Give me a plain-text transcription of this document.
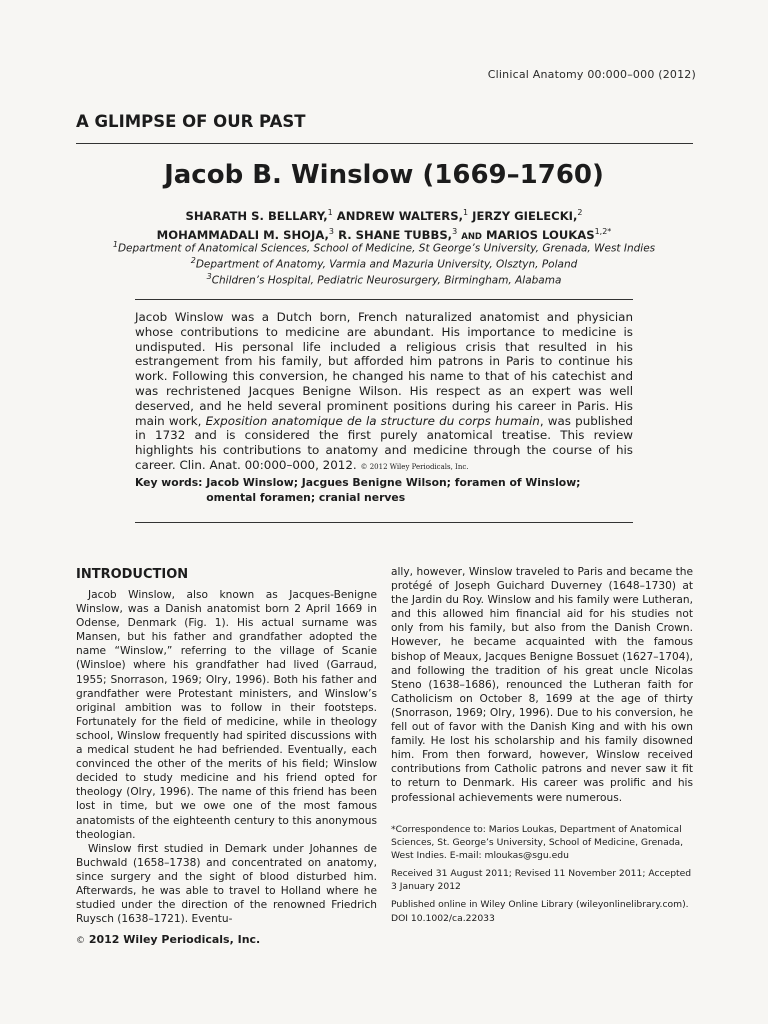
Clinical Anatomy 00:000–000 (2012)
A GLIMPSE OF OUR PAST
Jacob B. Winslow (1669–1760)
SHARATH S. BELLARY,$^1$ ANDREW WALTERS,$^1$ JERZY GIELECKI,$^2$
MOHAMMADALI M. SHOJA,$^3$ R. SHANE TUBBS,$^3$ AND MARIOS $LOUKAS^{1,2*}$
$^1$Department of Anatomical Sciences, School of Medicine, St George’s University, Grenada, West Indies
$^2$Department of Anatomy, Varmia and Mazuria University, Olsztyn, Poland
$^3$Children’s Hospital, Pediatric Neurosurgery, Birmingham, Alabama
Jacob Winslow was a Dutch born, French naturalized anatomist and physician whose contributions to medicine are abundant. His importance to medicine is undisputed. His personal life included a religious crisis that resulted in his estrangement from his family, but afforded him patrons in Paris to continue his work. Following this conversion, he changed his name to that of his catechist and was rechristened Jacques Benigne Wilson. His respect as an expert was well deserved, and he held several prominent positions during his career in Paris. His main work, Exposition anatomique de la structure du corps humain, was published in 1732 and is considered the first purely anatomical treatise. This review highlights his contributions to anatomy and medicine through the course of his career. Clin. Anat. 00:000–000, 2012. © 2012 Wiley Periodicals, Inc.
Key words: Jacob Winslow; Jacgues Benigne Wilson; foramen of Winslow; omental foramen; cranial nerves
INTRODUCTION

Jacob Winslow, also known as Jacques-Benigne Winslow, was a Danish anatomist born 2 April 1669 in Odense, Denmark (Fig. 1). His actual surname was Mansen, but his father and grandfather adopted the name “Winslow,” referring to the village of Scanie (Winsloe) where his grandfather had lived (Garraud, 1955; Snorrason, 1969; Olry, 1996). Both his father and grandfather were Protestant ministers, and Winslow’s original ambition was to follow in their footsteps. Fortunately for the field of medicine, while in theology school, Winslow frequently had spirited discussions with a medical student he had befriended. Eventually, each convinced the other of the merits of his field; Winslow decided to study medicine and his friend opted for theology (Olry, 1996). The name of this friend has been lost in time, but we owe one of the most famous anatomists of the eighteenth century to this anonymous theologian.

Winslow first studied in Demark under Johannes de Buchwald (1658–1738) and concentrated on anatomy, since surgery and the sight of blood disturbed him. Afterwards, he was able to travel to Holland where he studied under the direction of the renowned Friedrich Ruysch (1638–1721). Eventu-

ally, however, Winslow traveled to Paris and became the protégé of Joseph Guichard Duverney (1648–1730) at the Jardin du Roy. Winslow and his family were Lutheran, and this allowed him financial aid for his studies not only from his family, but also from the Danish Crown. However, he became acquainted with the famous bishop of Meaux, Jacques Benigne Bossuet (1627–1704), and following the tradition of his great uncle Nicolas Steno (1638–1686), renounced the Lutheran faith for Catholicism on October 8, 1699 at the age of thirty (Snorrason, 1969; Olry, 1996). Due to his conversion, he fell out of favor with the Danish King and with his own family. He lost his scholarship and his family disowned him. From then forward, however, Winslow received contributions from Catholic patrons and never saw it fit to return to Denmark. His career was prolific and his professional achievements were numerous.

*Correspondence to: Marios Loukas, Department of Anatomical Sciences, St. George’s University, School of Medicine, Grenada, West Indies. E-mail: mloukas@sgu.edu

Received 31 August 2011; Revised 11 November 2011; Accepted 3 January 2012

Published online in Wiley Online Library (wileyonlinelibrary.com). DOI 10.1002/ca.22033

© 2012 Wiley Periodicals, Inc.
